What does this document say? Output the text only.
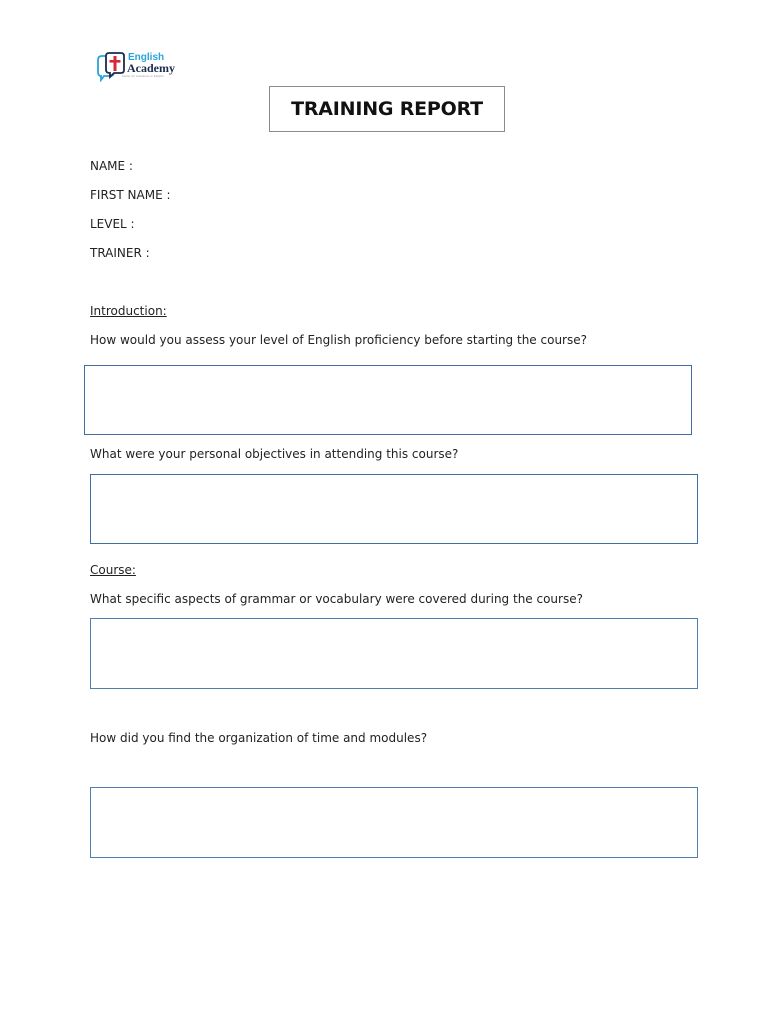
English
Academy
Center for excellence in English
TRAINING REPORT
NAME :
FIRST NAME :
LEVEL :
TRAINER :
Introduction:
How would you assess your level of English proficiency before starting the course?
What were your personal objectives in attending this course?
Course:
What specific aspects of grammar or vocabulary were covered during the course?
How did you find the organization of time and modules?
